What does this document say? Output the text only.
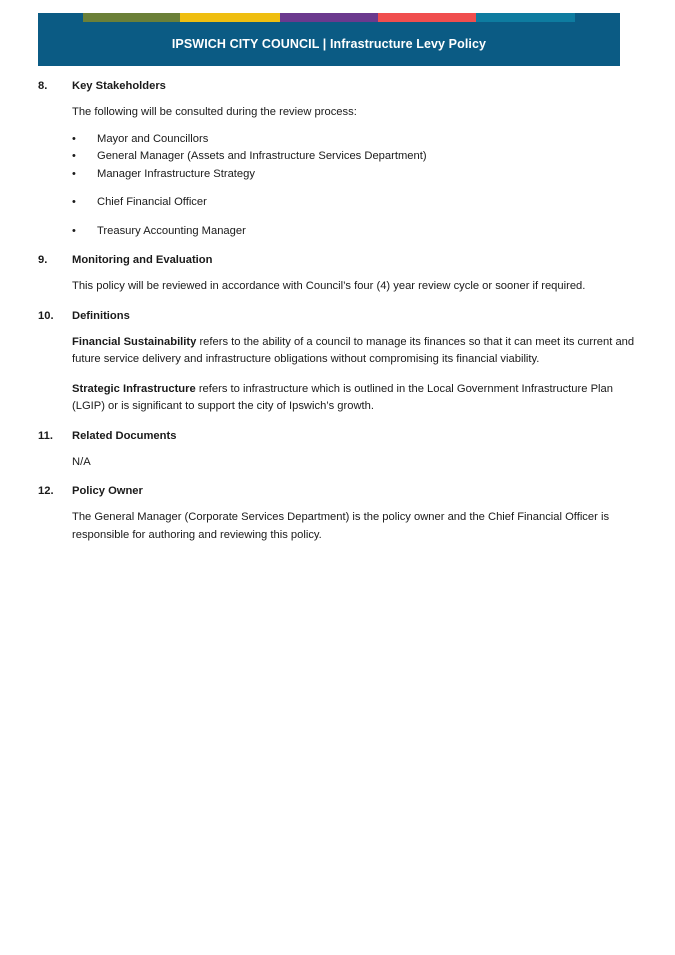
IPSWICH CITY COUNCIL | Infrastructure Levy Policy
8.	Key Stakeholders

The following will be consulted during the review process:

•	Mayor and Councillors
•	General Manager (Assets and Infrastructure Services Department)
•	Manager Infrastructure Strategy
•	Chief Financial Officer
•	Treasury Accounting Manager
9.	Monitoring and Evaluation

This policy will be reviewed in accordance with Council’s four (4) year review cycle or sooner if required.

10.	Definitions

Financial Sustainability refers to the ability of a council to manage its finances so that it can meet its current and future service delivery and infrastructure obligations without compromising its financial viability.

Strategic Infrastructure refers to infrastructure which is outlined in the Local Government Infrastructure Plan (LGIP) or is significant to support the city of Ipswich’s growth.

11.	Related Documents

N/A

12.	Policy Owner

The General Manager (Corporate Services Department) is the policy owner and the Chief Financial Officer is responsible for authoring and reviewing this policy.
